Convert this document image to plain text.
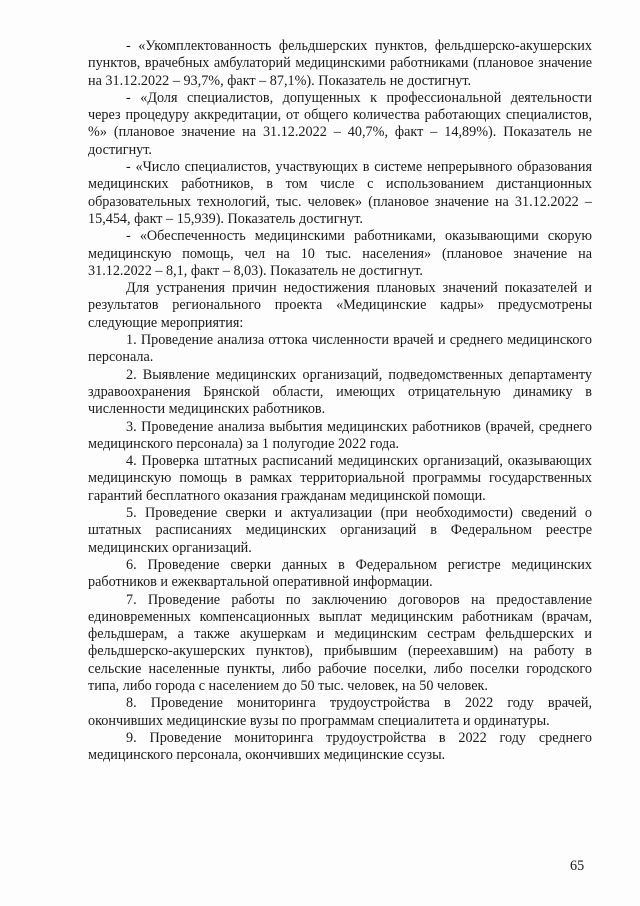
- «Укомплектованность фельдшерских пунктов, фельдшерско-акушерских пунктов, врачебных амбулаторий медицинскими работниками (плановое значение на 31.12.2022 – 93,7%, факт – 87,1%). Показатель не достигнут.

- «Доля специалистов, допущенных к профессиональной деятельности через процедуру аккредитации, от общего количества работающих специалистов, %» (плановое значение на 31.12.2022 – 40,7%, факт – 14,89%). Показатель не достигнут.

- «Число специалистов, участвующих в системе непрерывного образования медицинских работников, в том числе с использованием дистанционных образовательных технологий, тыс. человек» (плановое значение на 31.12.2022 – 15,454, факт – 15,939). Показатель достигнут.

- «Обеспеченность медицинскими работниками, оказывающими скорую медицинскую помощь, чел на 10 тыс. населения» (плановое значение на 31.12.2022 – 8,1, факт – 8,03). Показатель не достигнут.

Для устранения причин недостижения плановых значений показателей и результатов регионального проекта «Медицинские кадры» предусмотрены следующие мероприятия:

1. Проведение анализа оттока численности врачей и среднего медицинского персонала.

2. Выявление медицинских организаций, подведомственных департаменту здравоохранения Брянской области, имеющих отрицательную динамику в численности медицинских работников.

3. Проведение анализа выбытия медицинских работников (врачей, среднего медицинского персонала) за 1 полугодие 2022 года.

4. Проверка штатных расписаний медицинских организаций, оказывающих медицинскую помощь в рамках территориальной программы государственных гарантий бесплатного оказания гражданам медицинской помощи.

5. Проведение сверки и актуализации (при необходимости) сведений о штатных расписаниях медицинских организаций в Федеральном реестре медицинских организаций.

6. Проведение сверки данных в Федеральном регистре медицинских работников и ежеквартальной оперативной информации.

7. Проведение работы по заключению договоров на предоставление единовременных компенсационных выплат медицинским работникам (врачам, фельдшерам, а также акушеркам и медицинским сестрам фельдшерских и фельдшерско-акушерских пунктов), прибывшим (переехавшим) на работу в сельские населенные пункты, либо рабочие поселки, либо поселки городского типа, либо города с населением до 50 тыс. человек, на 50 человек.

8. Проведение мониторинга трудоустройства в 2022 году врачей, окончивших медицинские вузы по программам специалитета и ординатуры.

9. Проведение мониторинга трудоустройства в 2022 году среднего медицинского персонала, окончивших медицинские ссузы.

65
